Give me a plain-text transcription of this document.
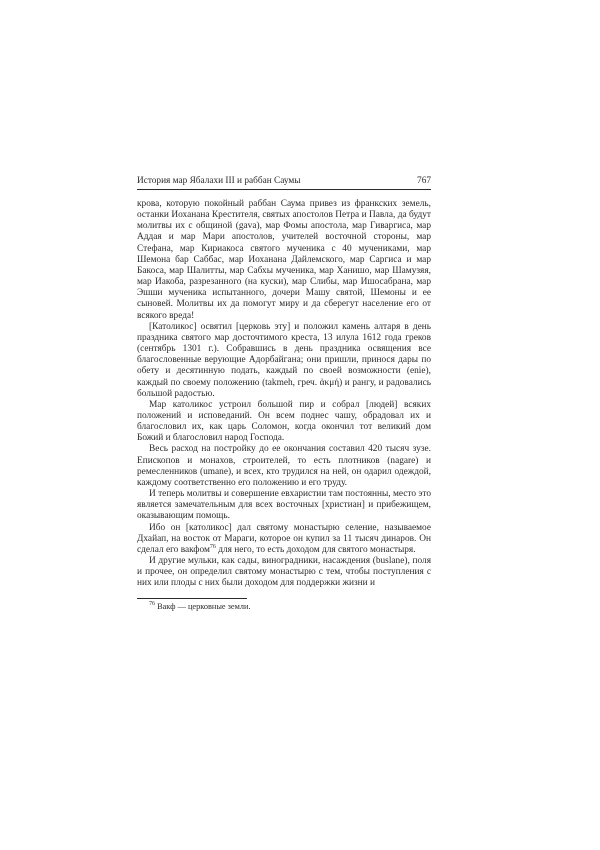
История мар Ябалахи III и раббан Саумы	767

крова, которую покойный раббан Саума привез из франкских земель, останки Иоханана Крестителя, святых апостолов Петра и Павла, да будут молитвы их с общиной (gava), мар Фомы апостола, мар Гиваргиса, мар Аддая и мар Мари апостолов, учителей восточной стороны, мар Стефана, мар Кириакоса святого мученика с 40 мучениками, мар Шемона бар Саббас, мар Иоханана Дайлемского, мар Саргиса и мар Бакоса, мар Шалитты, мар Сабхы мученика, мар Ханишо, мар Шамузяя, мар Иакоба, разрезанного (на куски), мар Слибы, мар Ишосабрана, мар Эшши мученика испытанного, дочери Машу святой, Шемоны и ее сыновей. Молитвы их да помогут миру и да сберегут население его от всякого вреда!

[Католикос] освятил [церковь эту] и положил камень алтаря в день праздника святого мар досточтимого креста, 13 илула 1612 года греков (сентябрь 1301 г.). Собравшись в день праздника освящения все благословенные верующие Адорбайгана; они пришли, принося дары по обету и десятинную подать, каждый по своей возможности (enie), каждый по своему положению (takmeh, греч. ἀκμή) и рангу, и радовались большой радостью.

Мар католикос устроил большой пир и собрал [людей] всяких положений и исповеданий. Он всем поднес чашу, обрадовал их и благословил их, как царь Соломон, когда окончил тот великий дом Божий и благословил народ Господа.

Весь расход на постройку до ее окончания составил 420 тысяч зузе. Епископов и монахов, строителей, то есть плотников (nagare) и ремесленников (umane), и всех, кто трудился на ней, он одарил одеждой, каждому соответственно его положению и его труду.

И теперь молитвы и совершение евхаристии там постоянны, место это является замечательным для всех восточных [христиан] и прибежищем, оказывающим помощь.

Ибо он [католикос] дал святому монастырю селение, называемое Дхайап, на восток от Мараги, которое он купил за 11 тысяч динаров. Он сделал его вакфом$^{76}$ для него, то есть доходом для святого монастыря.

И другие мульки, как сады, виноградники, насаждения (buslane), поля и прочее, он определил святому монастырю с тем, чтобы поступления с них или плоды с них были доходом для поддержки жизни и

$^{76}$ Вакф — церковные земли.
